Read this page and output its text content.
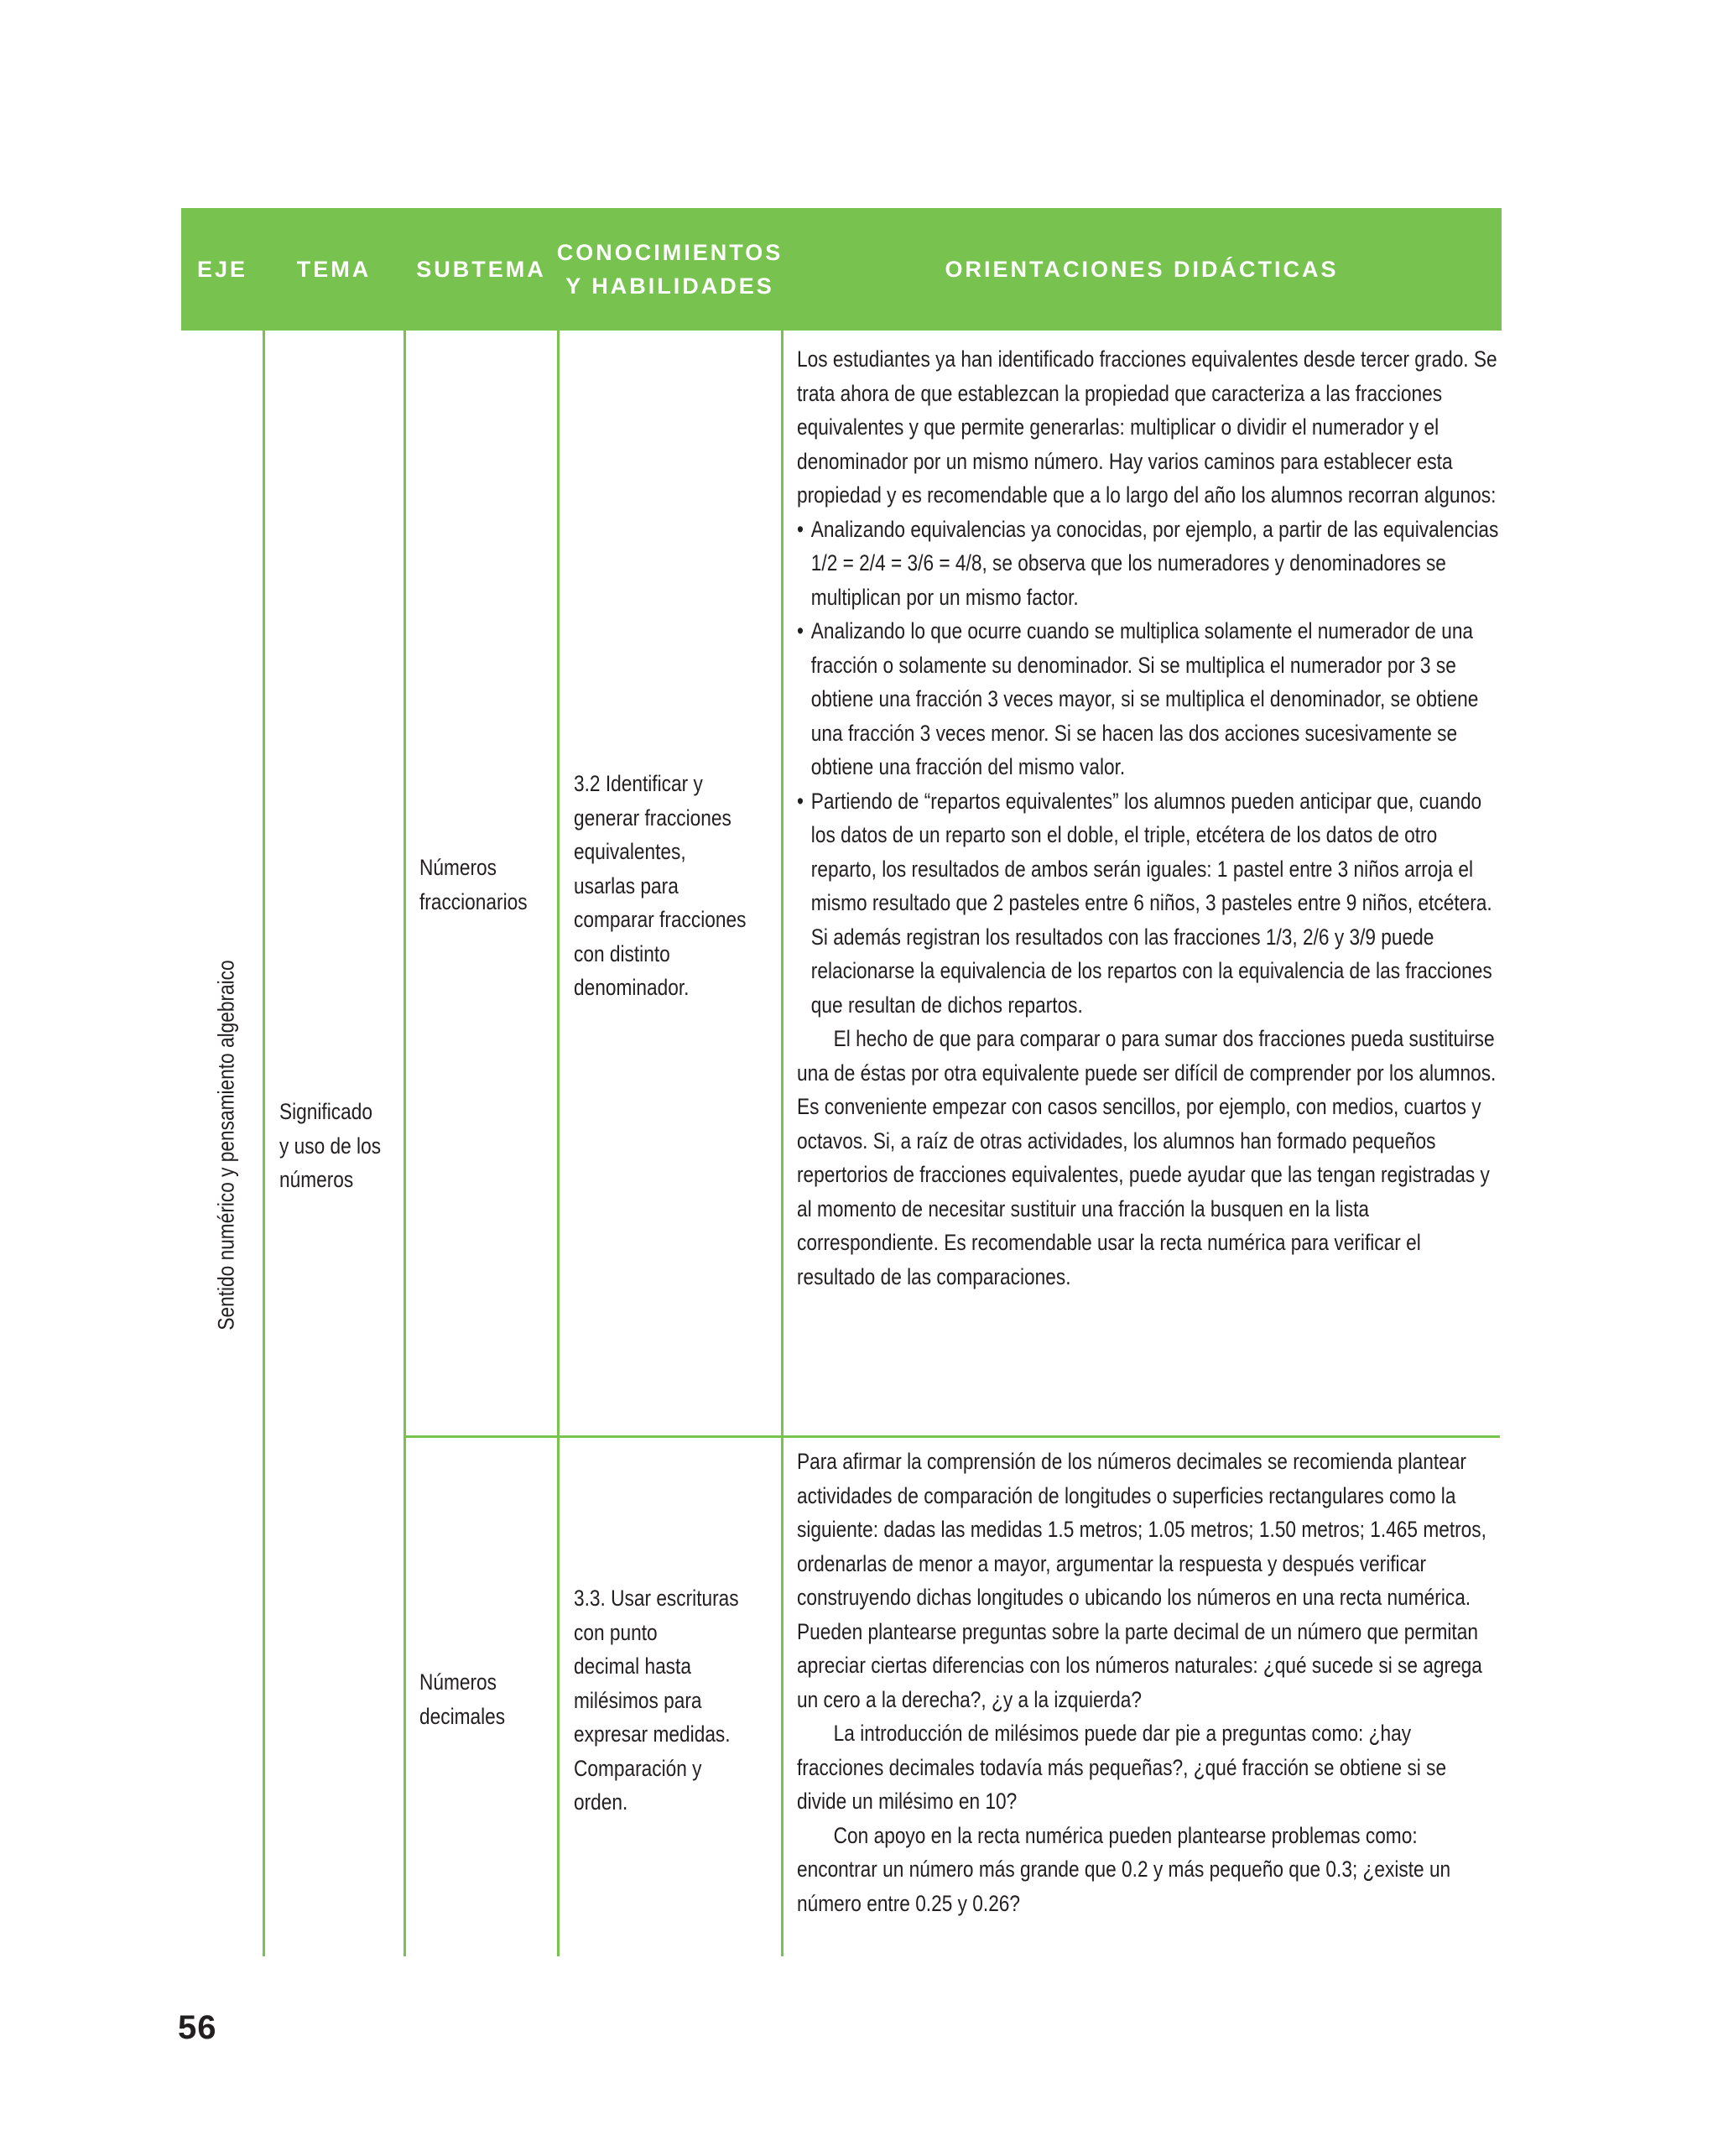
EJE	TEMA	SUBTEMA
CONOCIMIENTOS
Y HABILIDADES
ORIENTACIONES DIDÁCTICAS
Sentido numérico y pensamiento algebraico Significado
y uso de los
números
Números
fraccionarios
3.2 Identificar y
generar fracciones
equivalentes,
usarlas para
comparar fracciones
con distinto
denominador.

Los estudiantes ya han identificado fracciones equivalentes desde tercer grado. Se trata ahora de que establezcan la propiedad que caracteriza a las fracciones equivalentes y que permite generarlas: multiplicar o dividir el numerador y el denominador por un mismo número. Hay varios caminos para establecer esta propiedad y es recomendable que a lo largo del año los alumnos recorran algunos:

• Analizando equivalencias ya conocidas, por ejemplo, a partir de las equivalencias 1/2 = 2/4 = 3/6 = 4/8, se observa que los numeradores y denominadores se multiplican por un mismo factor.
• Analizando lo que ocurre cuando se multiplica solamente el numerador de una fracción o solamente su denominador. Si se multiplica el numerador por 3 se obtiene una fracción 3 veces mayor, si se multiplica el denominador, se obtiene una fracción 3 veces menor. Si se hacen las dos acciones sucesivamente se obtiene una fracción del mismo valor.
• Partiendo de “repartos equivalentes” los alumnos pueden anticipar que, cuando los datos de un reparto son el doble, el triple, etcétera de los datos de otro reparto, los resultados de ambos serán iguales: 1 pastel entre 3 niños arroja el mismo resultado que 2 pasteles entre 6 niños, 3 pasteles entre 9 niños, etcétera. Si además registran los resultados con las fracciones 1/3, 2/6 y 3/9 puede relacionarse la equivalencia de los repartos con la equivalencia de las fracciones que resultan de dichos repartos.

El hecho de que para comparar o para sumar dos fracciones pueda sustituirse una de éstas por otra equivalente puede ser difícil de comprender por los alumnos. Es conveniente empezar con casos sencillos, por ejemplo, con medios, cuartos y octavos. Si, a raíz de otras actividades, los alumnos han formado pequeños repertorios de fracciones equivalentes, puede ayudar que las tengan registradas y al momento de necesitar sustituir una fracción la busquen en la lista correspondiente. Es recomendable usar la recta numérica para verificar el resultado de las comparaciones.

Números
decimales
3.3. Usar escrituras
con punto
decimal hasta
milésimos para
expresar medidas.
Comparación y
orden.

Para afirmar la comprensión de los números decimales se recomienda plantear actividades de comparación de longitudes o superficies rectangulares como la siguiente: dadas las medidas 1.5 metros; 1.05 metros; 1.50 metros; 1.465 metros, ordenarlas de menor a mayor, argumentar la respuesta y después verificar construyendo dichas longitudes o ubicando los números en una recta numérica. Pueden plantearse preguntas sobre la parte decimal de un número que permitan apreciar ciertas diferencias con los números naturales: ¿qué sucede si se agrega un cero a la derecha?, ¿y a la izquierda?

La introducción de milésimos puede dar pie a preguntas como: ¿hay fracciones decimales todavía más pequeñas?, ¿qué fracción se obtiene si se divide un milésimo en 10?

Con apoyo en la recta numérica pueden plantearse problemas como: encontrar un número más grande que 0.2 y más pequeño que 0.3; ¿existe un número entre 0.25 y 0.26?

56
